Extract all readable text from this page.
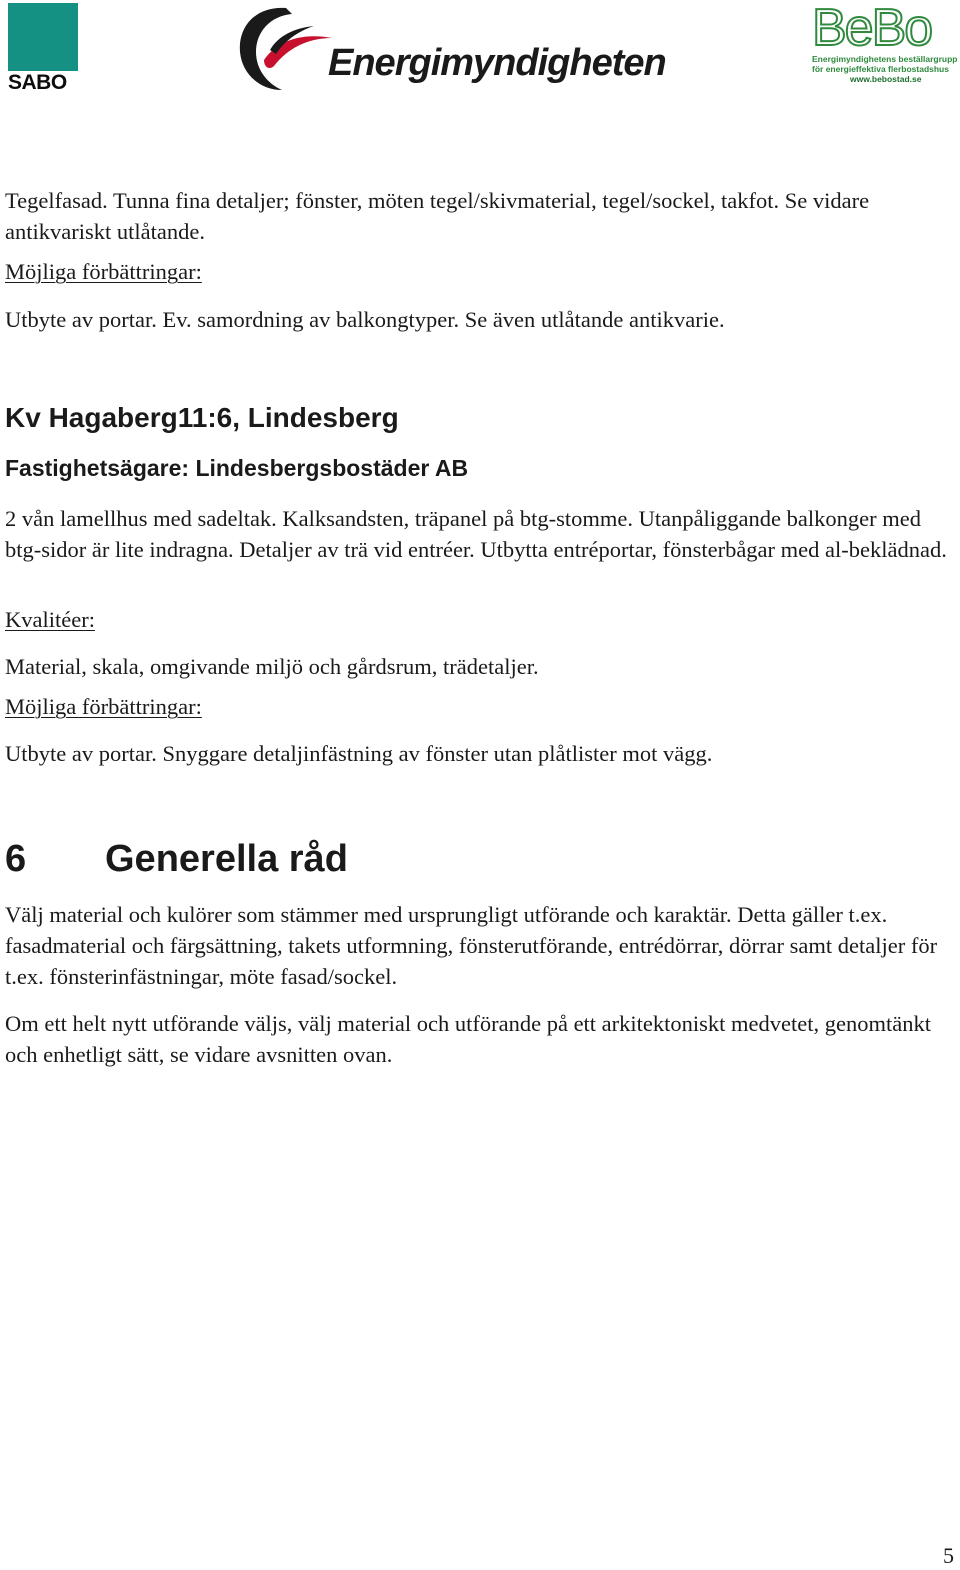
SABO	Energimyndigheten
BeBo
Energimyndighetens beställargrupp
för energieffektiva flerbostadshus
www.bebostad.se

Tegelfasad. Tunna fina detaljer; fönster, möten tegel/skivmaterial, tegel/sockel, takfot. Se vidare antikvariskt utlåtande.

Möjliga förbättringar:

Utbyte av portar. Ev. samordning av balkongtyper. Se även utlåtande antikvarie.

Kv Hagaberg11:6, Lindesberg
Fastighetsägare: Lindesbergsbostäder AB

2 vån lamellhus med sadeltak. Kalksandsten, träpanel på btg-stomme. Utanpåliggande balkonger med btg-sidor är lite indragna. Detaljer av trä vid entréer. Utbytta entréportar, fönsterbågar med al-beklädnad.

Kvalitéer:

Material, skala, omgivande miljö och gårdsrum, trädetaljer.

Möjliga förbättringar:

Utbyte av portar. Snyggare detaljinfästning av fönster utan plåtlister mot vägg.

6 Generella råd

Välj material och kulörer som stämmer med ursprungligt utförande och karaktär. Detta gäller t.ex. fasadmaterial och färgsättning, takets utformning, fönsterutförande, entrédörrar, dörrar samt detaljer för t.ex. fönsterinfästningar, möte fasad/sockel.

Om ett helt nytt utförande väljs, välj material och utförande på ett arkitektoniskt medvetet, genomtänkt och enhetligt sätt, se vidare avsnitten ovan.

5
